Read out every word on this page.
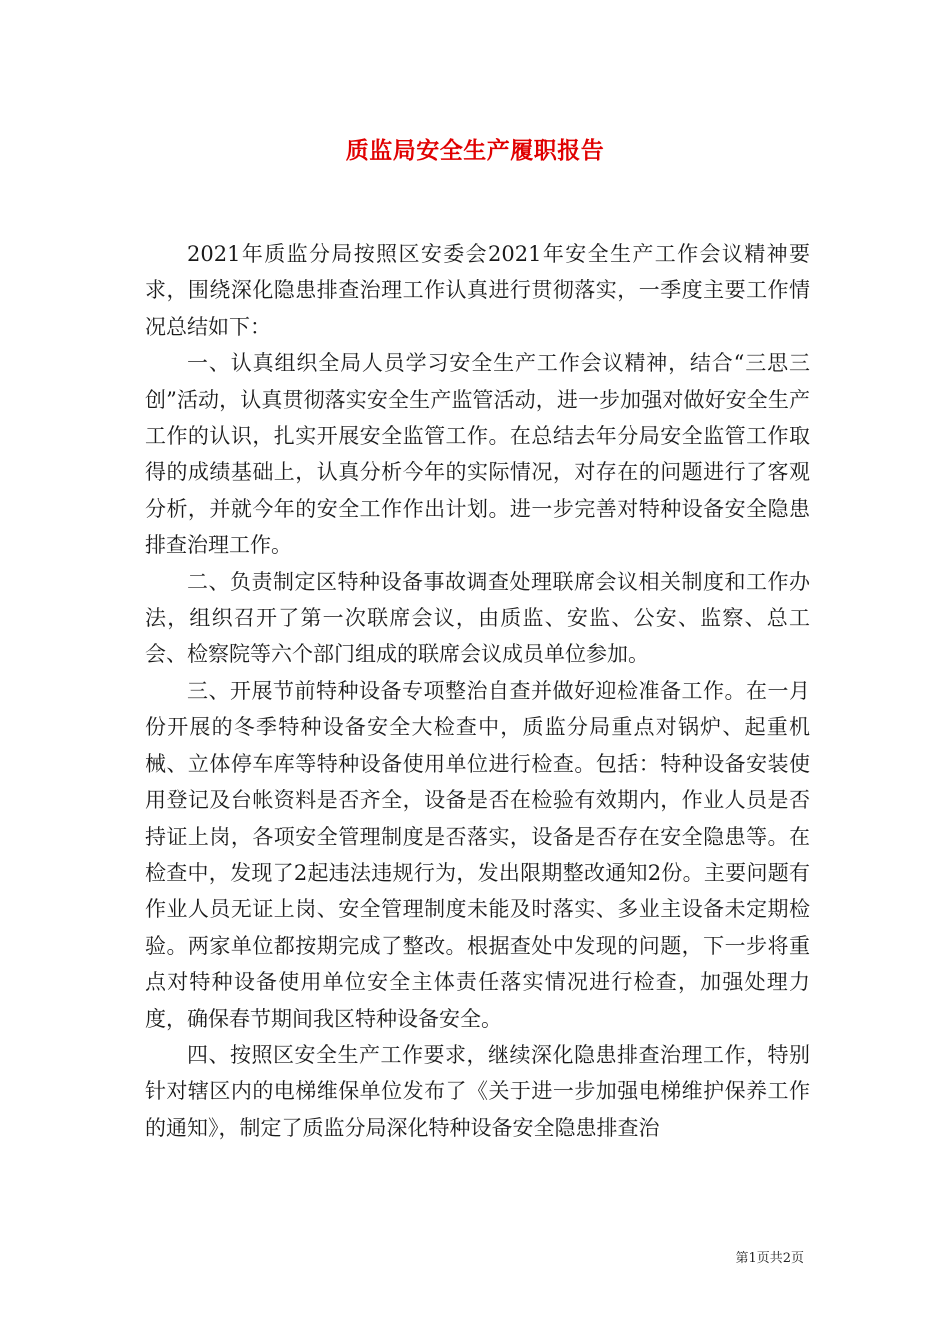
质监局安全生产履职报告

2021年质监分局按照区安委会2021年安全生产工作会议精神要求，围绕深化隐患排查治理工作认真进行贯彻落实，一季度主要工作情况总结如下：

一、认真组织全局人员学习安全生产工作会议精神，结合“三思三创”活动，认真贯彻落实安全生产监管活动，进一步加强对做好安全生产工作的认识，扎实开展安全监管工作。在总结去年分局安全监管工作取得的成绩基础上，认真分析今年的实际情况，对存在的问题进行了客观分析，并就今年的安全工作作出计划。进一步完善对特种设备安全隐患排查治理工作。

二、负责制定区特种设备事故调查处理联席会议相关制度和工作办法，组织召开了第一次联席会议，由质监、安监、公安、监察、总工会、检察院等六个部门组成的联席会议成员单位参加。

三、开展节前特种设备专项整治自查并做好迎检准备工作。在一月份开展的冬季特种设备安全大检查中，质监分局重点对锅炉、起重机械、立体停车库等特种设备使用单位进行检查。包括：特种设备安装使用登记及台帐资料是否齐全，设备是否在检验有效期内，作业人员是否持证上岗，各项安全管理制度是否落实，设备是否存在安全隐患等。在检查中，发现了2起违法违规行为，发出限期整改通知2份。主要问题有作业人员无证上岗、安全管理制度未能及时落实、多业主设备未定期检验。两家单位都按期完成了整改。根据查处中发现的问题，下一步将重点对特种设备使用单位安全主体责任落实情况进行检查，加强处理力度，确保春节期间我区特种设备安全。

四、按照区安全生产工作要求，继续深化隐患排查治理工作，特别针对辖区内的电梯维保单位发布了《关于进一步加强电梯维护保养工作的通知》，制定了质监分局深化特种设备安全隐患排查治

第1页共2页
